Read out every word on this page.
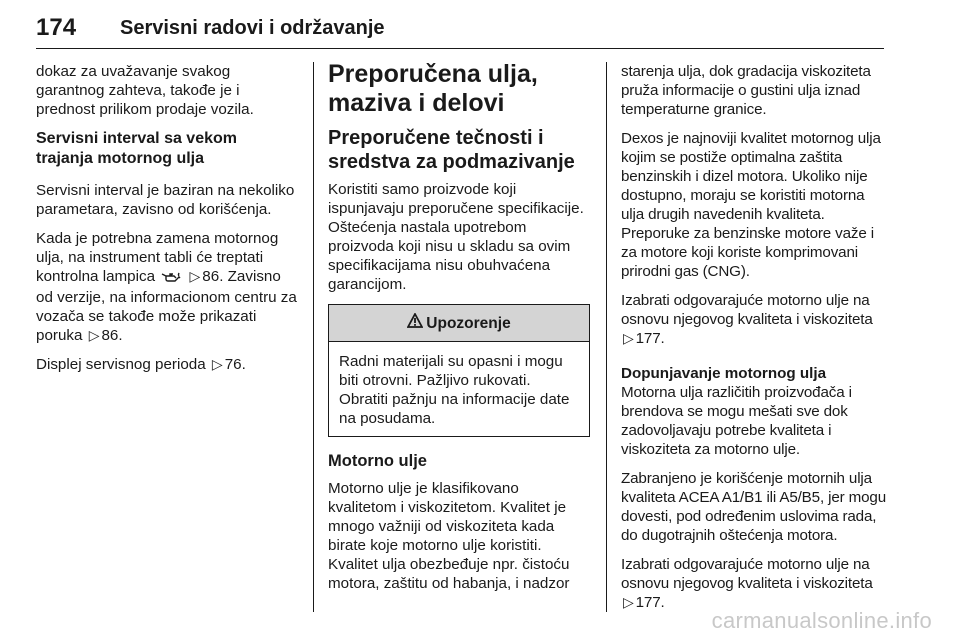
174	Servisni radovi i održavanje

dokaz za uvažavanje svakog garantnog zahteva, takođe je i prednost prilikom prodaje vozila.

Servisni interval sa vekom trajanja motornog ulja

Servisni interval je baziran na nekoliko parametara, zavisno od korišćenja.

Kada je potrebna zamena motornog ulja, na instrument tabli će treptati kontrolna lampica ▷ 86. Zavisno od verzije, na informacionom centru za vozača se takođe može prikazati poruka ▷ 86.

Displej servisnog perioda ▷ 76.

Preporučena ulja, maziva i delovi
Preporučene tečnosti i sredstva za podmazivanje

Koristiti samo proizvode koji ispunjavaju preporučene specifikacije. Oštećenja nastala upotrebom proizvoda koji nisu u skladu sa ovim specifikacijama nisu obuhvaćena garancijom.

Upozorenje
Radni materijali su opasni i mogu biti otrovni. Pažljivo rukovati. Obratiti pažnju na informacije date na posudama.
Motorno ulje

Motorno ulje je klasifikovano kvalitetom i viskozitetom. Kvalitet je mnogo važniji od viskoziteta kada birate koje motorno ulje koristiti. Kvalitet ulja obezbeđuje npr. čistoću motora, zaštitu od habanja, i nadzor

starenja ulja, dok gradacija viskoziteta pruža informacije o gustini ulja iznad temperaturne granice.

Dexos je najnoviji kvalitet motornog ulja kojim se postiže optimalna zaštita benzinskih i dizel motora. Ukoliko nije dostupno, moraju se koristiti motorna ulja drugih navedenih kvaliteta. Preporuke za benzinske motore važe i za motore koji koriste komprimovani prirodni gas (CNG).

Izabrati odgovarajuće motorno ulje na osnovu njegovog kvaliteta i viskoziteta ▷ 177.

Dopunjavanje motornog ulja

Motorna ulja različitih proizvođača i brendova se mogu mešati sve dok zadovoljavaju potrebe kvaliteta i viskoziteta za motorno ulje.

Zabranjeno je korišćenje motornih ulja kvaliteta ACEA A1/B1 ili A5/B5, jer mogu dovesti, pod određenim uslovima rada, do dugotrajnih oštećenja motora.

Izabrati odgovarajuće motorno ulje na osnovu njegovog kvaliteta i viskoziteta ▷ 177.

carmanualsonline.info
